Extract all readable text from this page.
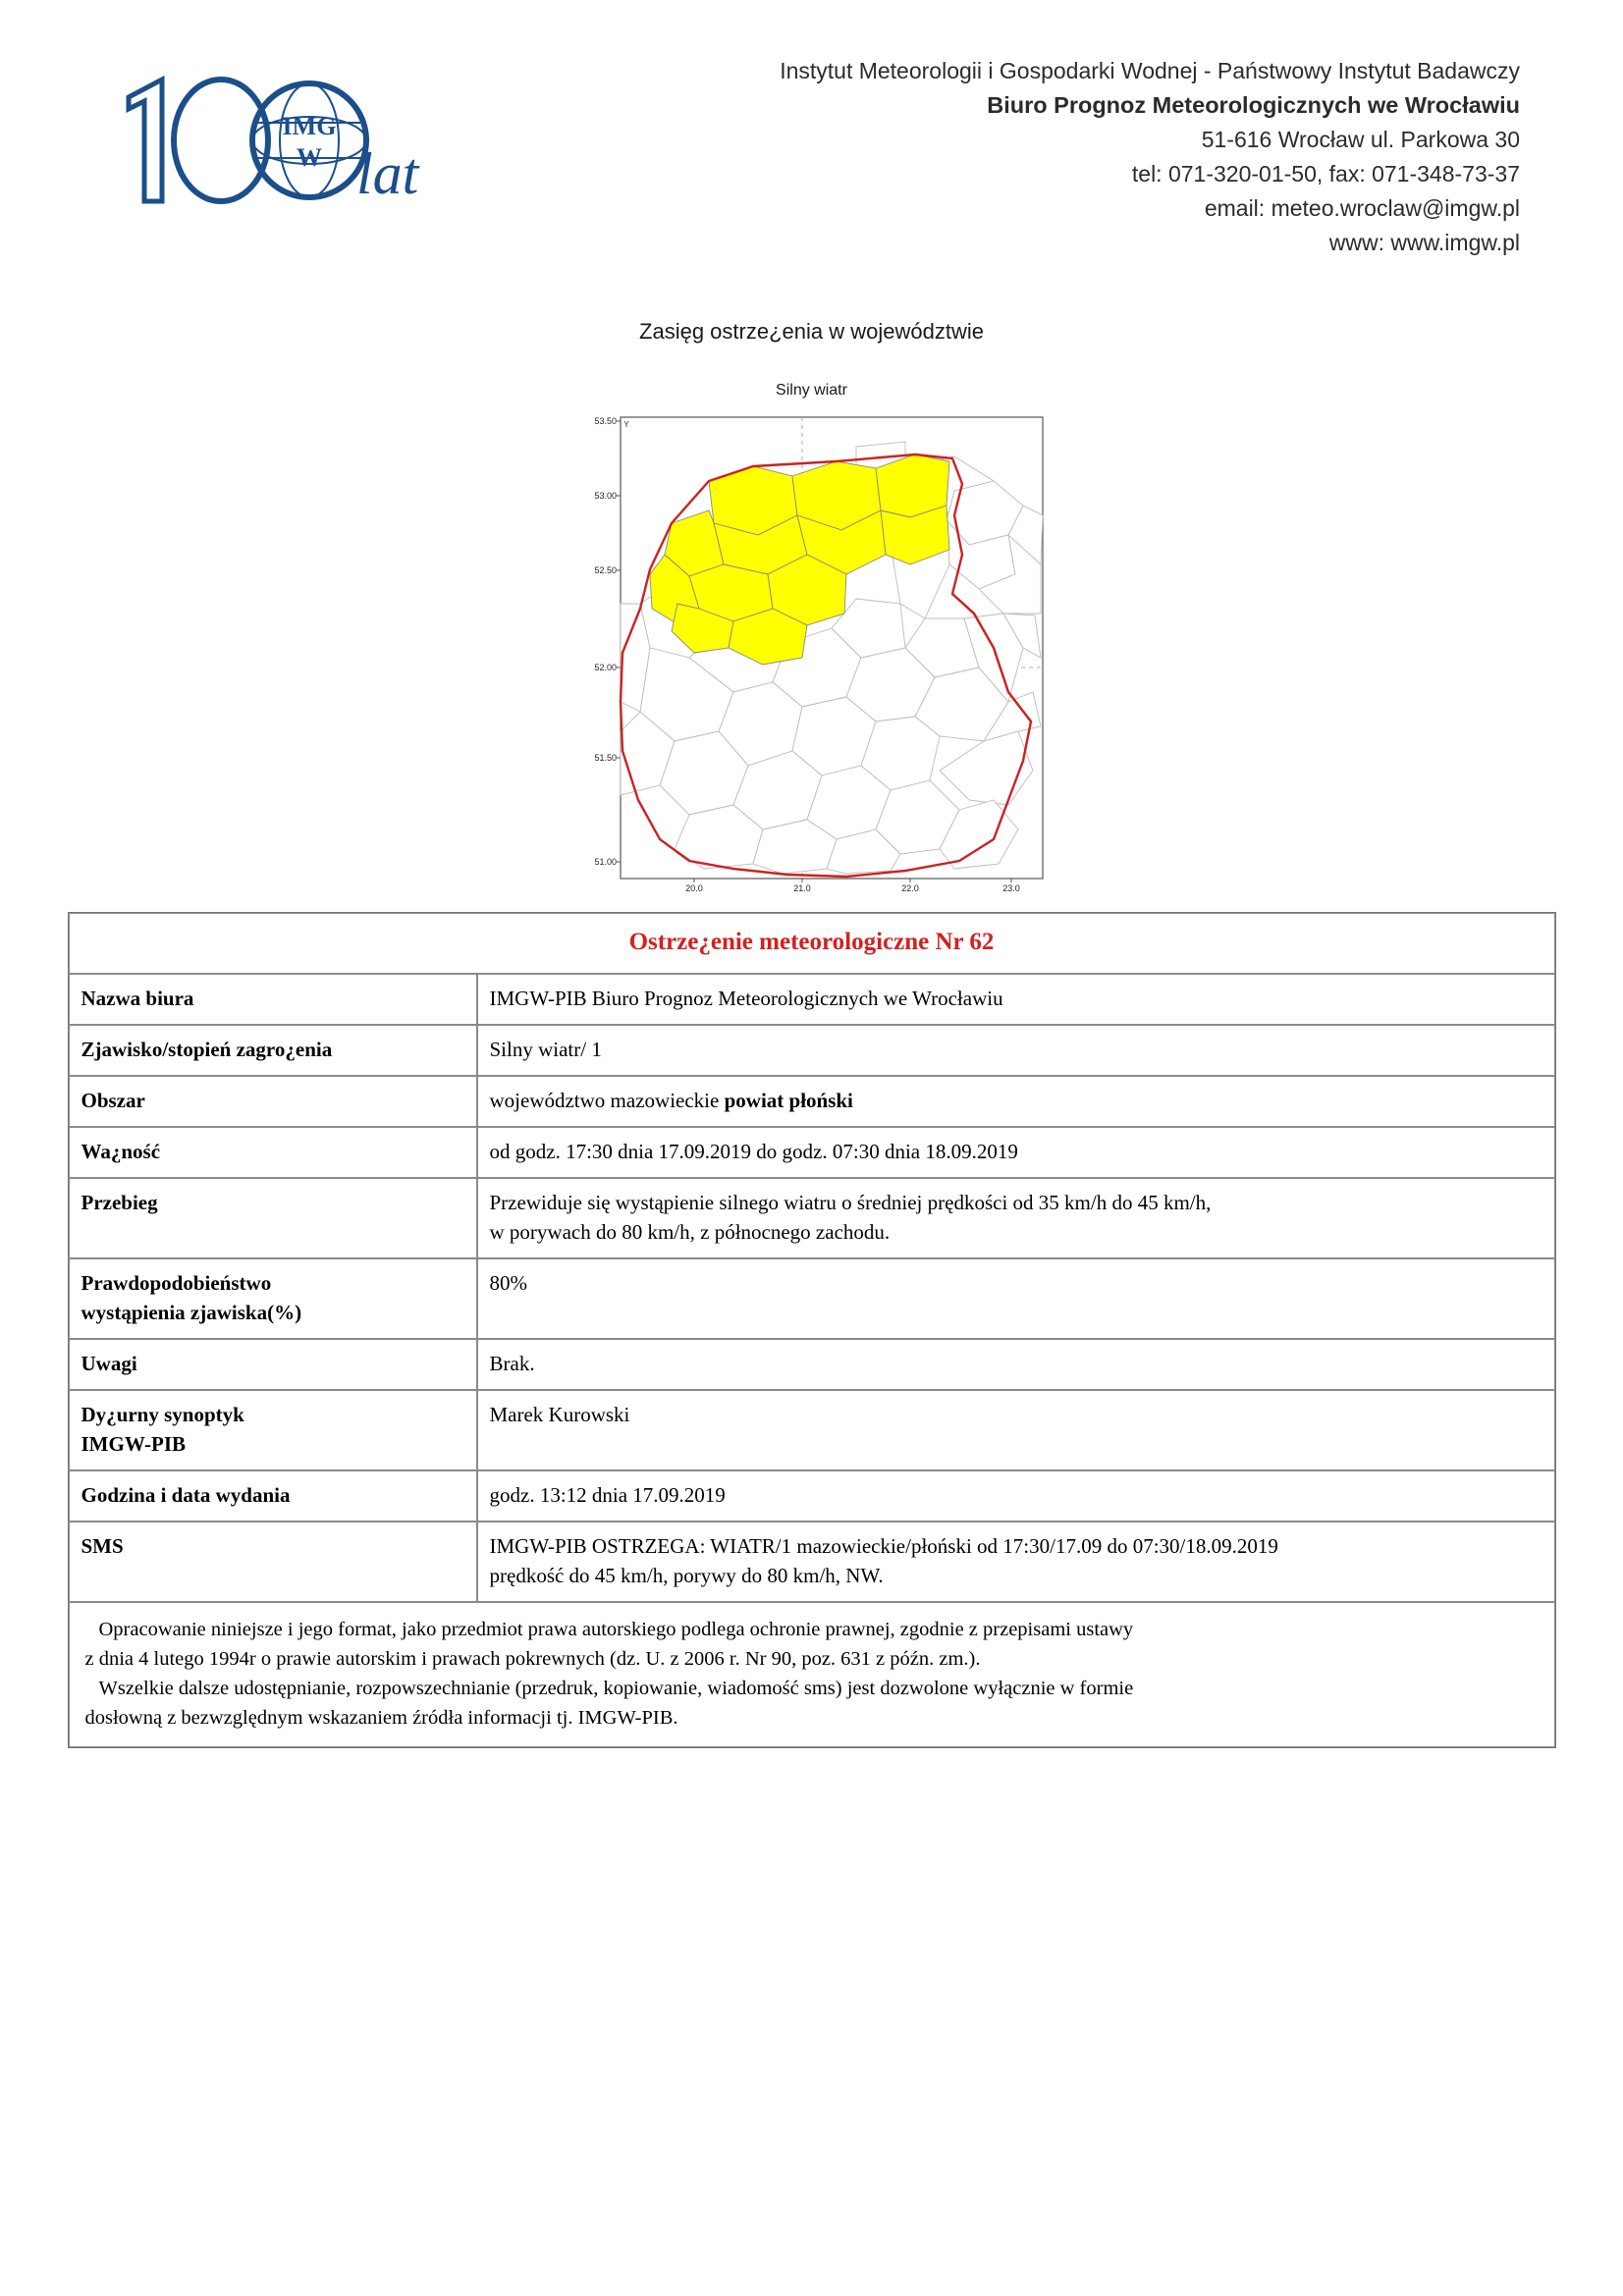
IMG
W lat
Instytut Meteorologii i Gospodarki Wodnej - Państwowy Instytut Badawczy
Biuro Prognoz Meteorologicznych we Wrocławiu
51-616 Wrocław ul. Parkowa 30
tel: 071-320-01-50, fax: 071-348-73-37
email: meteo.wroclaw@imgw.pl
www: www.imgw.pl
Zasięg ostrze¿enia w województwie
Silny wiatr
53.50
53.00
52.50
52.00
51.50
51.00
Y
20.0	21.0	22.0	23.0
Ostrze¿enie meteorologiczne Nr 62	
Nazwa biura	IMGW-PIB Biuro Prognoz Meteorologicznych we Wrocławiu
Zjawisko/stopień zagro¿enia	Silny wiatr/ 1
Obszar	województwo mazowieckie powiat płoński
Wa¿ność	od godz. 17:30 dnia 17.09.2019 do godz. 07:30 dnia 18.09.2019
Przebieg	Przewiduje się wystąpienie silnego wiatru o średniej prędkości od 35 km/h do 45 km/h,
w porywach do 80 km/h, z północnego zachodu.

Prawdopodobieństwo
wystąpienia zjawiska(%)	80%
Uwagi	Brak.

Dy¿urny synoptyk
IMGW-PIB	Marek Kurowski
Godzina i data wydania	godz. 13:12 dnia 17.09.2019
SMS	IMGW-PIB OSTRZEGA: WIATR/1 mazowieckie/płoński od 17:30/17.09 do 07:30/18.09.2019
prędkość do 45 km/h, porywy do 80 km/h, NW.

Opracowanie niniejsze i jego format, jako przedmiot prawa autorskiego podlega ochronie prawnej, zgodnie z przepisami ustawy

z dnia 4 lutego 1994r o prawie autorskim i prawach pokrewnych (dz. U. z 2006 r. Nr 90, poz. 631 z późn. zm.).

Wszelkie dalsze udostępnianie, rozpowszechnianie (przedruk, kopiowanie, wiadomość sms) jest dozwolone wyłącznie w formie

dosłowną z bezwzględnym wskazaniem źródła informacji tj. IMGW-PIB.	
